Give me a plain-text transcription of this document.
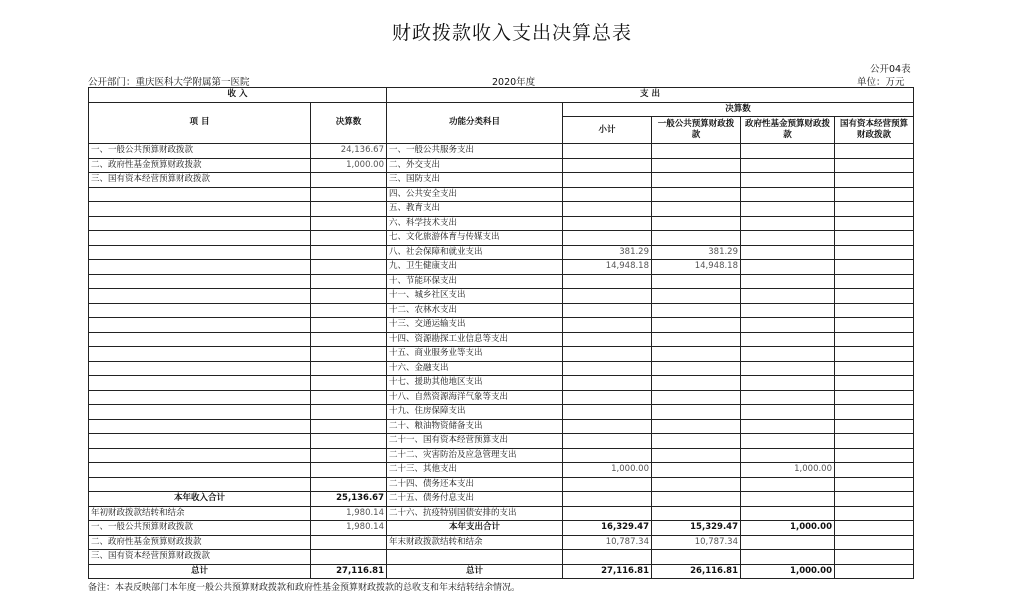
财政拨款收入支出决算总表
公开04表
公开部门：重庆医科大学附属第一医院	2020年度	单位：万元
收 入		支 出				
项 目	决算数	功能分类科目	决算数			
			小计	一般公共预算财政拨款	政府性基金预算财政拨款	国有资本经营预算财政拨款

一、一般公共预算财政拨款	24,136.67	一、一般公共服务支出				
二、政府性基金预算财政拨款	1,000.00	二、外交支出				
三、国有资本经营预算财政拨款		三、国防支出				
		四、公共安全支出				
		五、教育支出				
		六、科学技术支出				
		七、文化旅游体育与传媒支出				
		八、社会保障和就业支出	381.29	381.29		
		九、卫生健康支出	14,948.18	14,948.18		
		十、节能环保支出				
		十一、城乡社区支出				
		十二、农林水支出				
		十三、交通运输支出				
		十四、资源勘探工业信息等支出				
		十五、商业服务业等支出				
		十六、金融支出				
		十七、援助其他地区支出				
		十八、自然资源海洋气象等支出				
		十九、住房保障支出				
		二十、粮油物资储备支出				
		二十一、国有资本经营预算支出				
		二十二、灾害防治及应急管理支出				
		二十三、其他支出	1,000.00		1,000.00	
		二十四、债务还本支出				
本年收入合计	25,136.67	二十五、债务付息支出				
年初财政拨款结转和结余	1,980.14	二十六、抗疫特别国债安排的支出				
一、一般公共预算财政拨款	1,980.14	本年支出合计	16,329.47	15,329.47	1,000.00	
二、政府性基金预算财政拨款		年末财政拨款结转和结余	10,787.34	10,787.34		
三、国有资本经营预算财政拨款						
总计	27,116.81	总计	27,116.81	26,116.81	1,000.00	
备注：本表反映部门本年度一般公共预算财政拨款和政府性基金预算财政拨款的总收支和年末结转结余情况。
